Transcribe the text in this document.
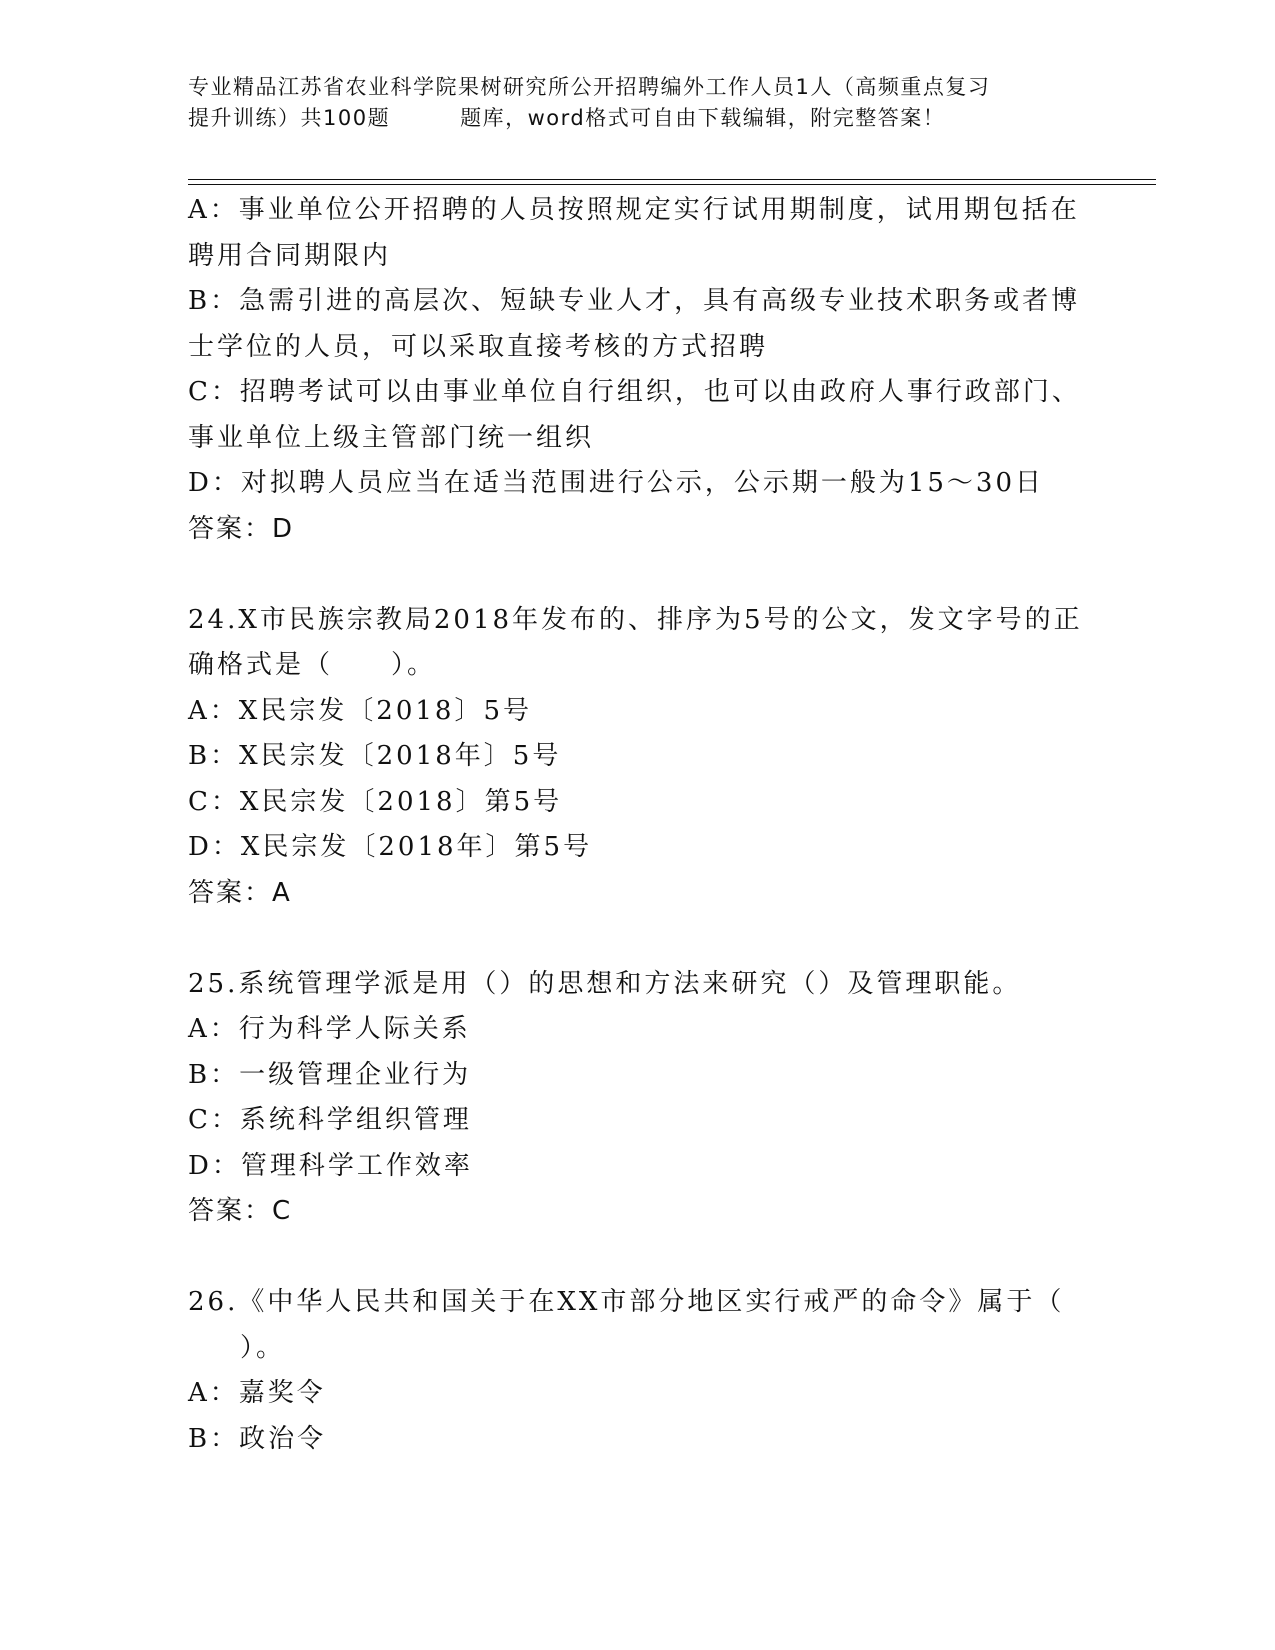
专业精品江苏省农业科学院果树研究所公开招聘编外工作人员1人（高频重点复习
提升训练）共100题	题库，word格式可自由下载编辑，附完整答案！
A：事业单位公开招聘的人员按照规定实行试用期制度，试用期包括在
聘用合同期限内
B：急需引进的高层次、短缺专业人才，具有高级专业技术职务或者博
士学位的人员，可以采取直接考核的方式招聘
C：招聘考试可以由事业单位自行组织，也可以由政府人事行政部门、
事业单位上级主管部门统一组织
D：对拟聘人员应当在适当范围进行公示，公示期一般为15～30日
答案：D
24.X市民族宗教局2018年发布的、排序为5号的公文，发文字号的正
确格式是（　　）。
A：X民宗发〔2018〕5号
B：X民宗发〔2018年〕5号
C：X民宗发〔2018〕第5号
D：X民宗发〔2018年〕第5号
答案：A
25.系统管理学派是用（）的思想和方法来研究（）及管理职能。
A：行为科学人际关系
B：一级管理企业行为
C：系统科学组织管理
D：管理科学工作效率
答案：C
26.《中华人民共和国关于在XX市部分地区实行戒严的命令》属于（
）。
A：嘉奖令
B：政治令
